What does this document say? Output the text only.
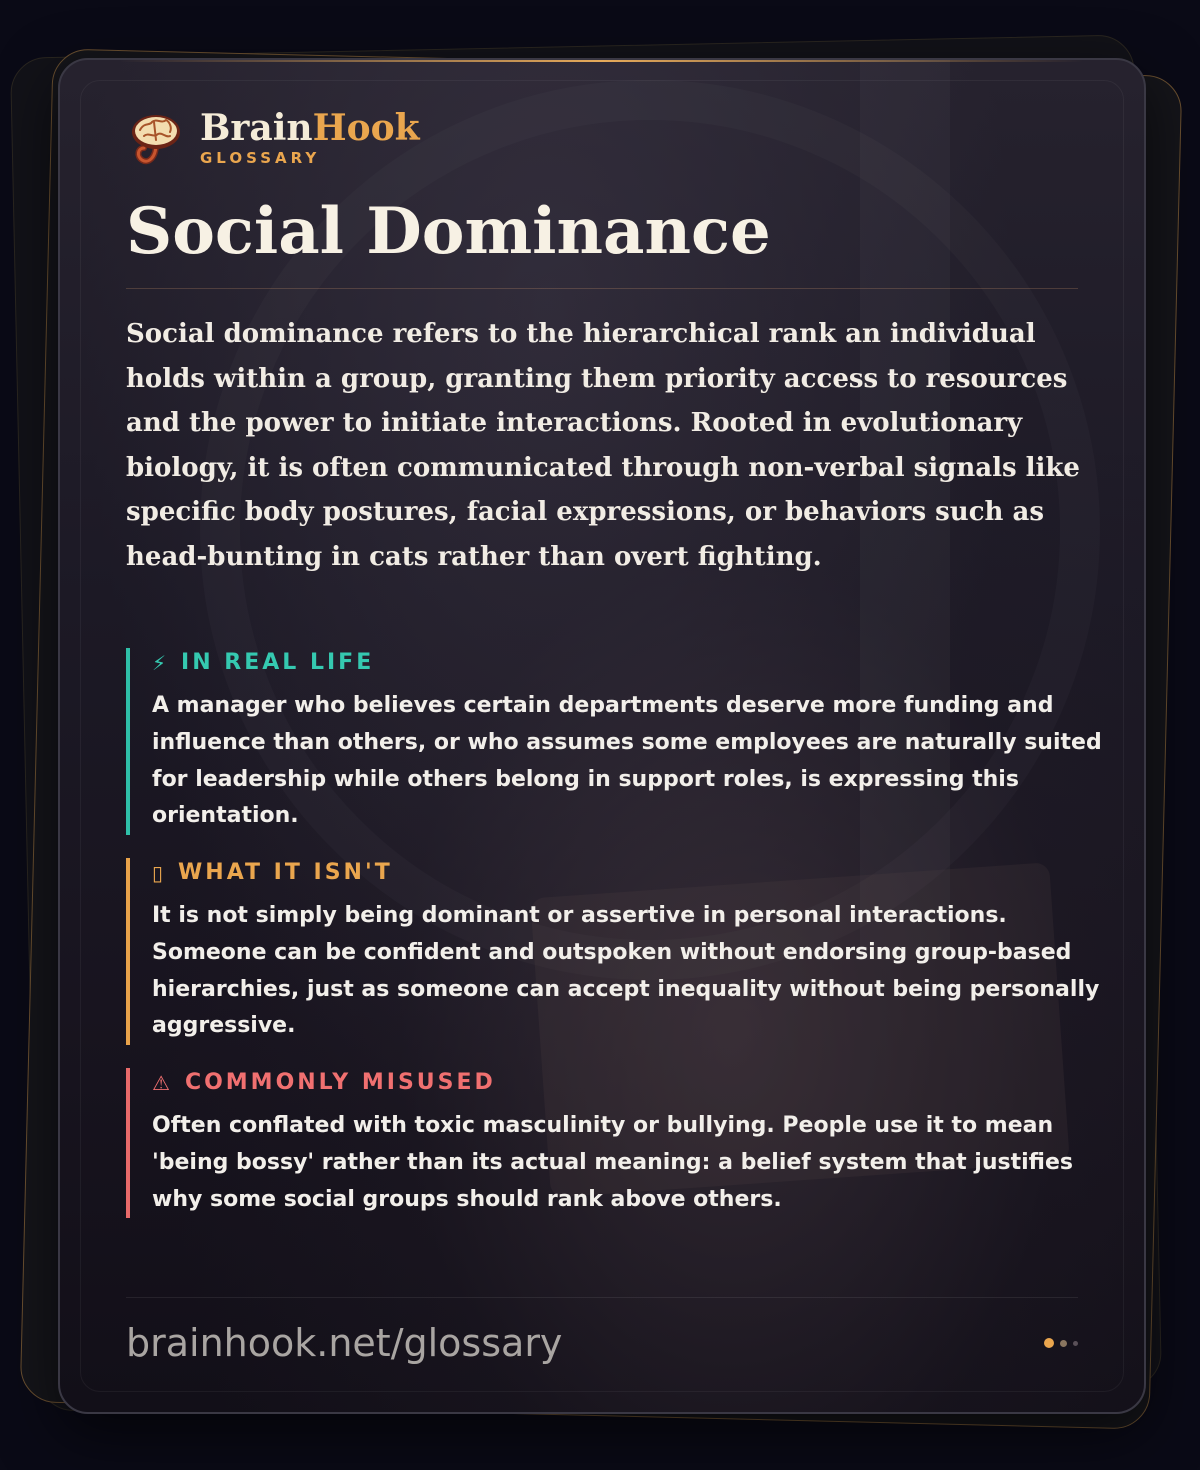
BrainHook
GLOSSARY
Social Dominance

Social dominance refers to the hierarchical rank an individual holds within a group, granting them priority access to resources and the power to initiate interactions. Rooted in evolutionary biology, it is often communicated through non-verbal signals like specific body postures, facial expressions, or behaviors such as head-bunting in cats rather than overt fighting.

⚡ IN REAL LIFE

A manager who believes certain departments deserve more funding and influence than others, or who assumes some employees are naturally suited for leadership while others belong in support roles, is expressing this orientation.

▯ WHAT IT ISN'T

It is not simply being dominant or assertive in personal interactions. Someone can be confident and outspoken without endorsing group-based hierarchies, just as someone can accept inequality without being personally aggressive.

⚠ COMMONLY MISUSED

Often conflated with toxic masculinity or bullying. People use it to mean 'being bossy' rather than its actual meaning: a belief system that justifies why some social groups should rank above others.

brainhook.net/glossary
